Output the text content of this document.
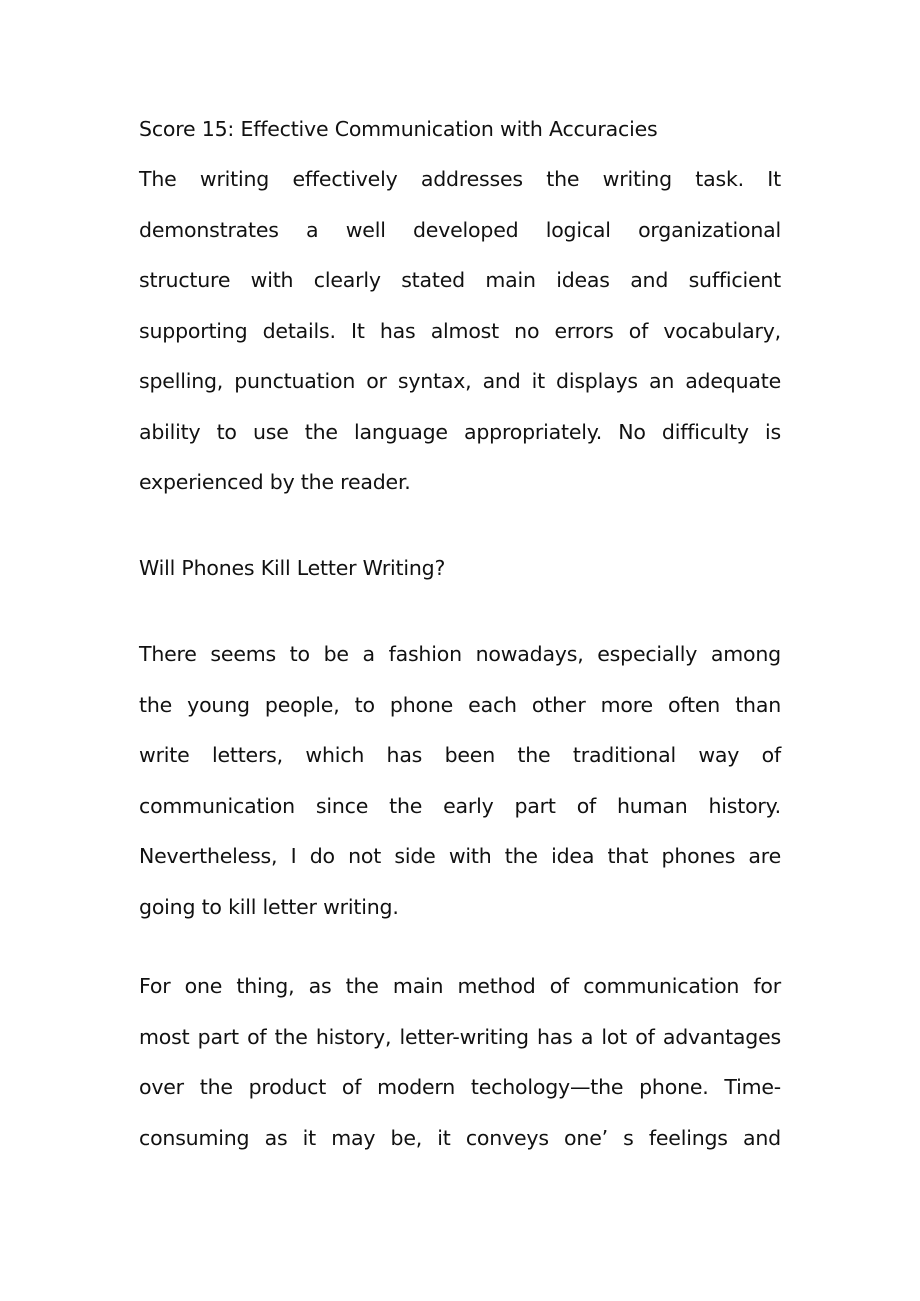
Score 15: Effective Communication with Accuracies
The writing effectively addresses the writing task. It
demonstrates a well developed logical organizational
structure with clearly stated main ideas and sufficient
supporting details. It has almost no errors of vocabulary,
spelling, punctuation or syntax, and it displays an adequate
ability to use the language appropriately. No difficulty is
experienced by the reader.
Will Phones Kill Letter Writing?
There seems to be a fashion nowadays, especially among
the young people, to phone each other more often than
write letters, which has been the traditional way of
communication since the early part of human history.
Nevertheless, I do not side with the idea that phones are
going to kill letter writing.
For one thing, as the main method of communication for
most part of the history, letter-writing has a lot of advantages
over the product of modern techology—the phone. Time-
consuming as it may be, it conveys one’ s feelings and
